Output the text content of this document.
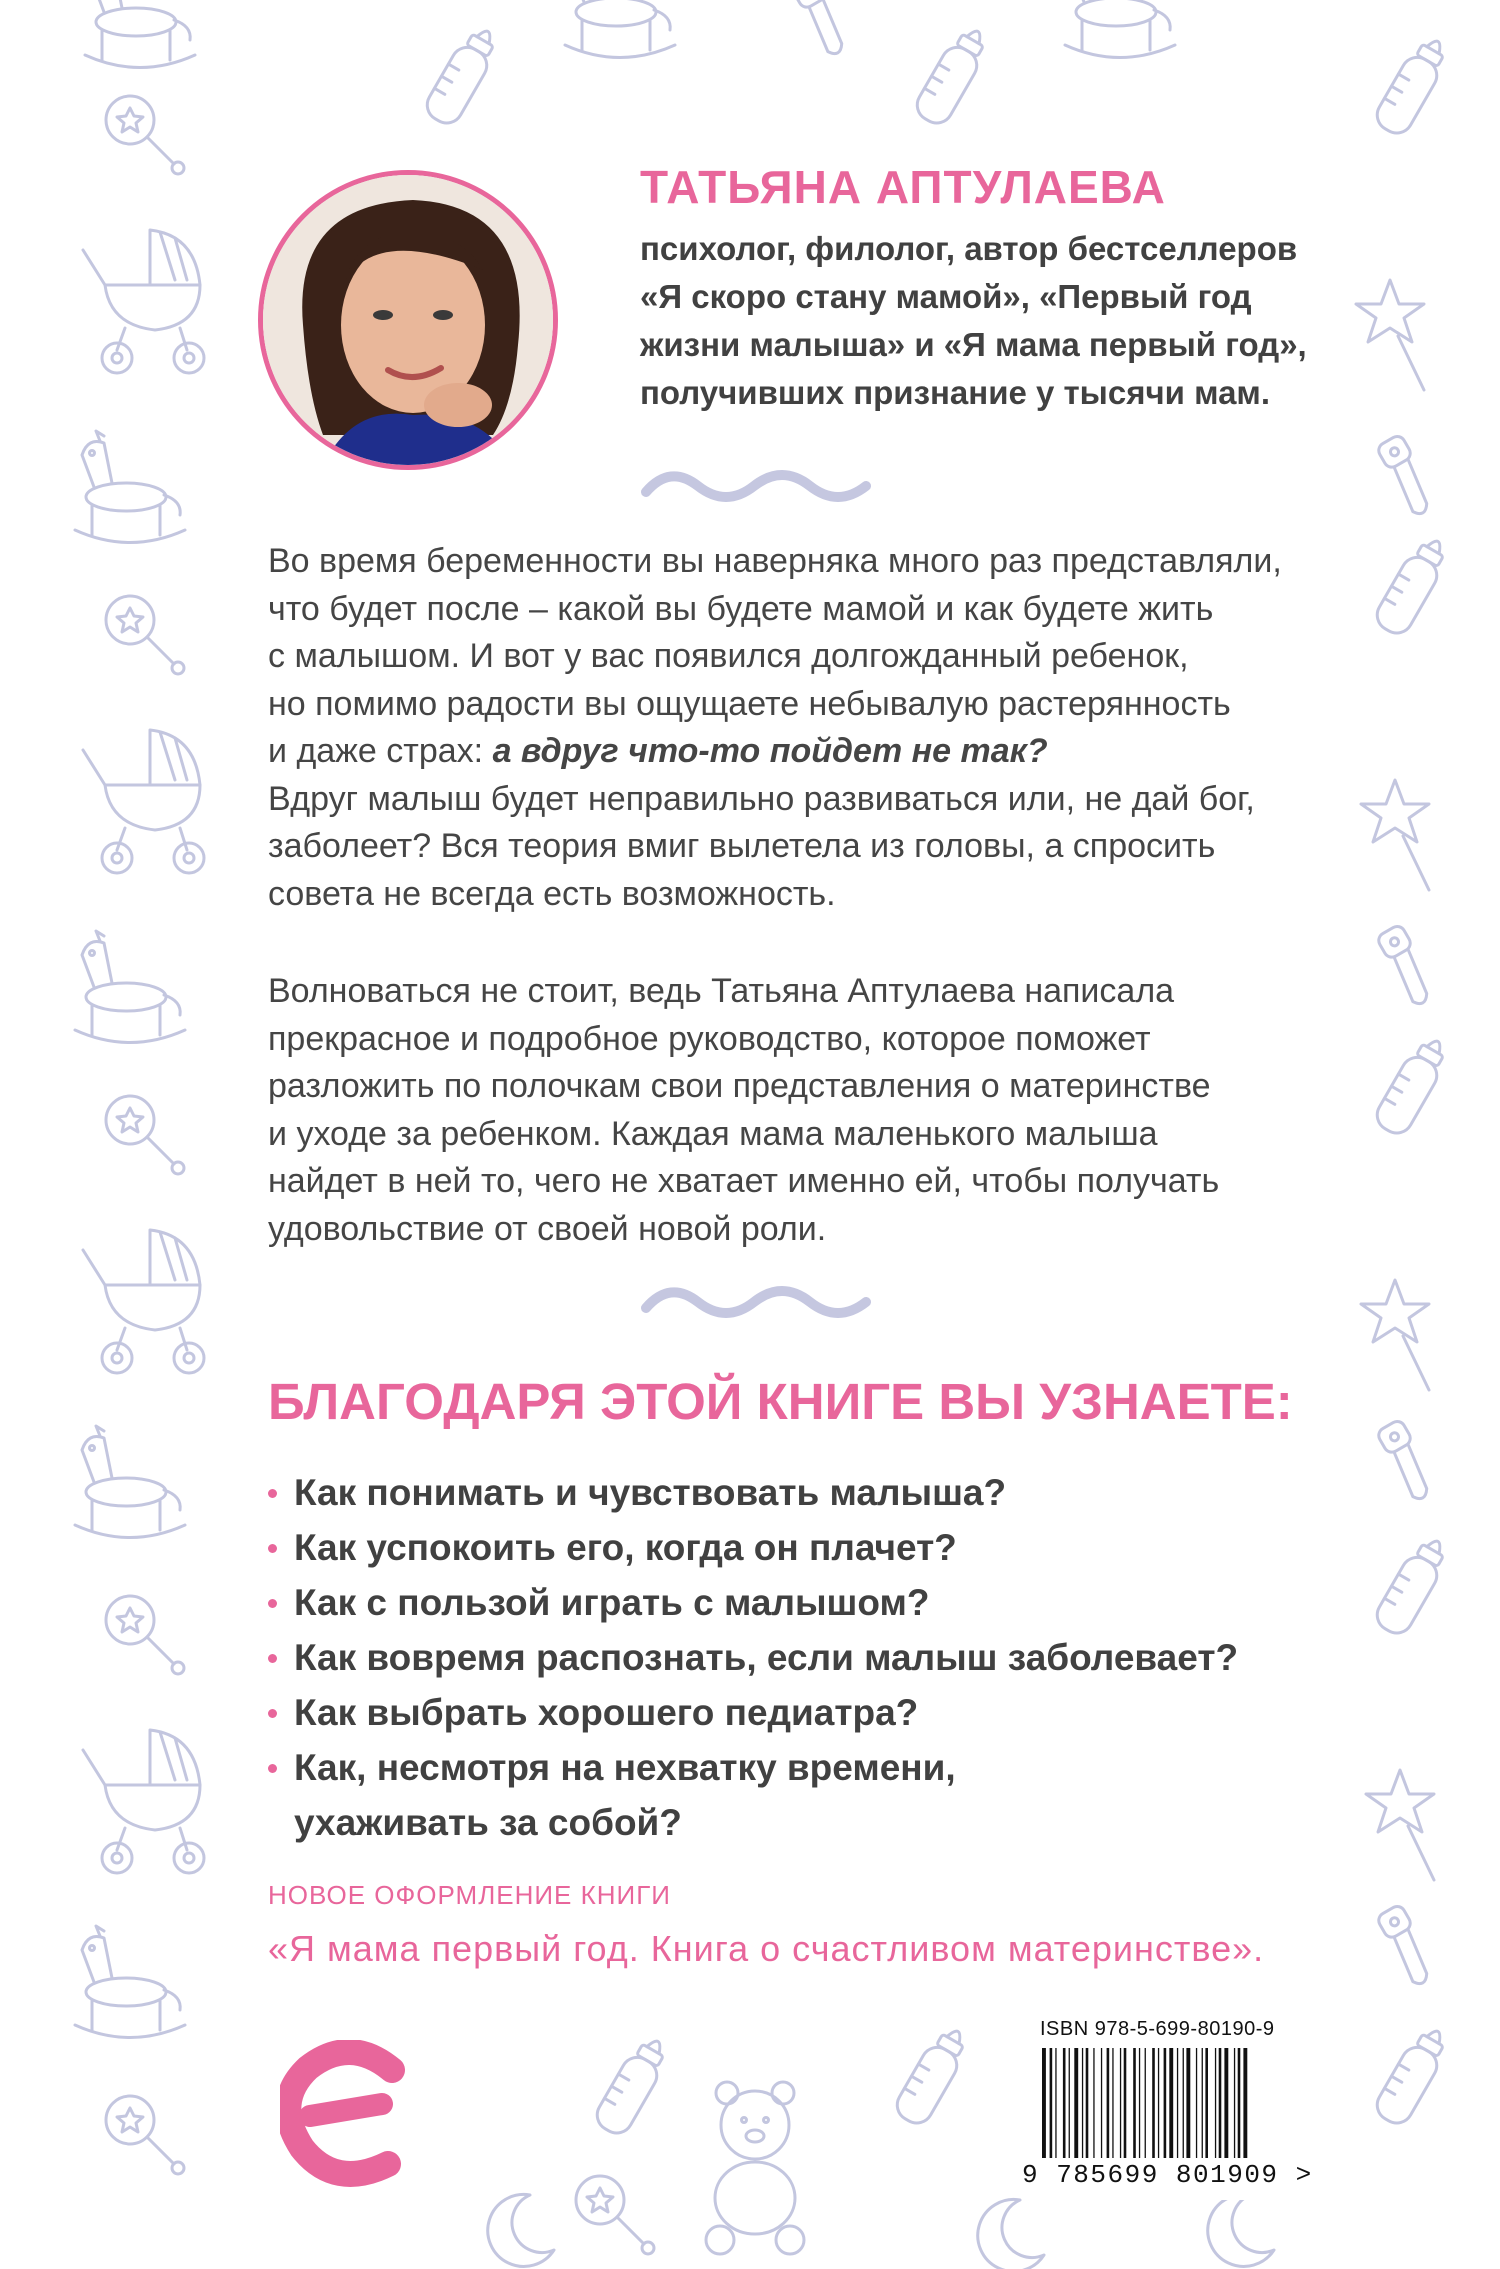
ТАТЬЯНА АПТУЛАЕВА

психолог, филолог, автор бестселлеров
«Я скоро стану мамой», «Первый год
жизни малыша» и «Я мама первый год»,
получивших признание у тысячи мам.

Во время беременности вы наверняка много раз представляли,
что будет после – какой вы будете мамой и как будете жить
с малышом. И вот у вас появился долгожданный ребенок,
но помимо радости вы ощущаете небывалую растерянность
и даже страх: а вдруг что-то пойдет не так?
Вдруг малыш будет неправильно развиваться или, не дай бог,
заболеет? Вся теория вмиг вылетела из головы, а спросить
совета не всегда есть возможность.

Волноваться не стоит, ведь Татьяна Аптулаева написала
прекрасное и подробное руководство, которое поможет
разложить по полочкам свои представления о материнстве
и уходе за ребенком. Каждая мама маленького малыша
найдет в ней то, чего не хватает именно ей, чтобы получать
удовольствие от своей новой роли.

БЛАГОДАРЯ ЭТОЙ КНИГЕ ВЫ УЗНАЕТЕ:
Как понимать и чувствовать малыша?
Как успокоить его, когда он плачет?
Как с пользой играть с малышом?
Как вовремя распознать, если малыш заболевает?
Как выбрать хорошего педиатра?
Как, несмотря на нехватку времени,
ухаживать за собой?

НОВОЕ ОФОРМЛЕНИЕ КНИГИ

«Я мама первый год. Книга о счастливом материнстве».

ISBN 978-5-699-80190-9

9 785699 801909 >
